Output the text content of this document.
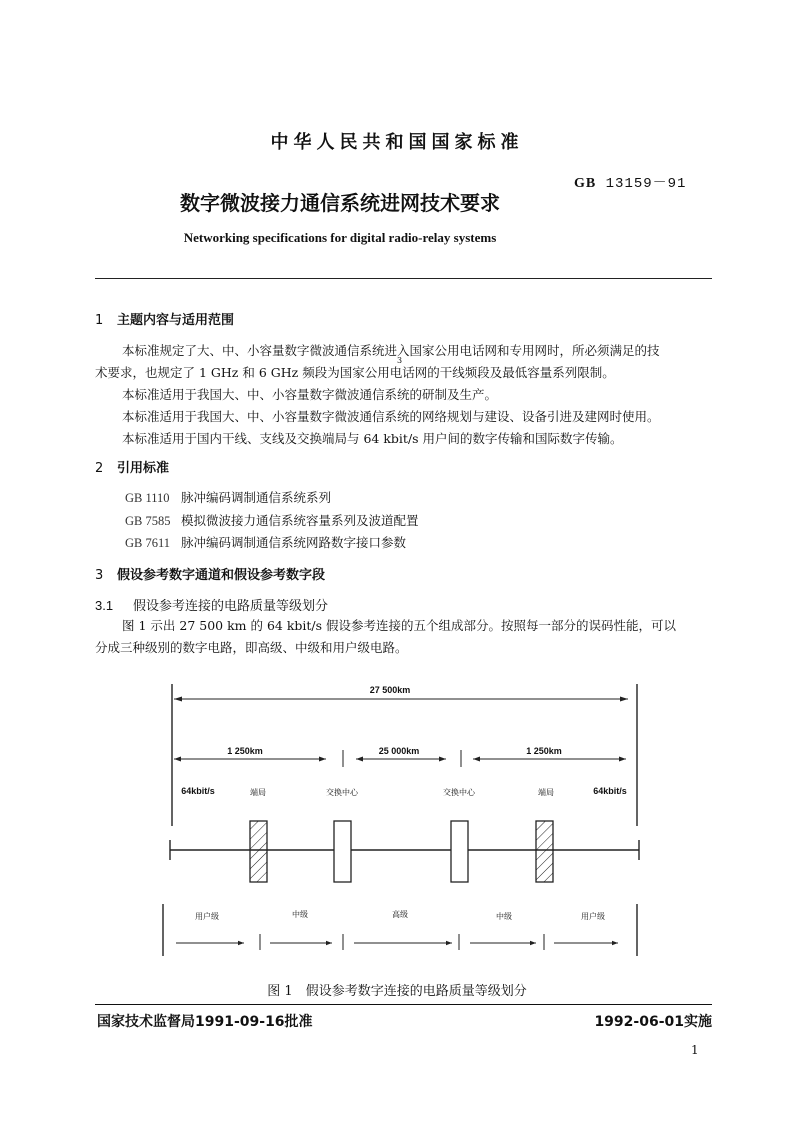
中华人民共和国国家标准
GB 13159－91
数字微波接力通信系统进网技术要求
Networking specifications for digital radio-relay systems
1 主题内容与适用范围
本标准规定了大、中、小容量数字微波通信系统进入国家公用电话网和专用网时，所必须满足的技
术要求，也规定了 1 GHz 和 6 GHz 频段为国家公用电话网的干线频段及最低容量系列限制。
本标准适用于我国大、中、小容量数字微波通信系统的研制及生产。
本标准适用于我国大、中、小容量数字微波通信系统的网络规划与建设、设备引进及建网时使用。
本标准适用于国内干线、支线及交换端局与 64 kbit/s 用户间的数字传输和国际数字传输。
3
2 引用标准
GB 1110 脉冲编码调制通信系统系列
GB 7585 模拟微波接力通信系统容量系列及波道配置
GB 7611 脉冲编码调制通信系统网路数字接口参数
3 假设参考数字通道和假设参考数字段
3.1 假设参考连接的电路质量等级划分
图 1 示出 27 500 km 的 64 kbit/s 假设参考连接的五个组成部分。按照每一部分的误码性能，可以
分成三种级别的数字电路，即高级、中级和用户级电路。
27 500km
1 250km	25 000km	1 250km
64kbit/s	端局	交换中心	交换中心	端局	64kbit/s
用户级	中级	高级	中级	用户级
图 1　假设参考数字连接的电路质量等级划分
国家技术监督局1991-09-16批准	1992-06-01实施
1
